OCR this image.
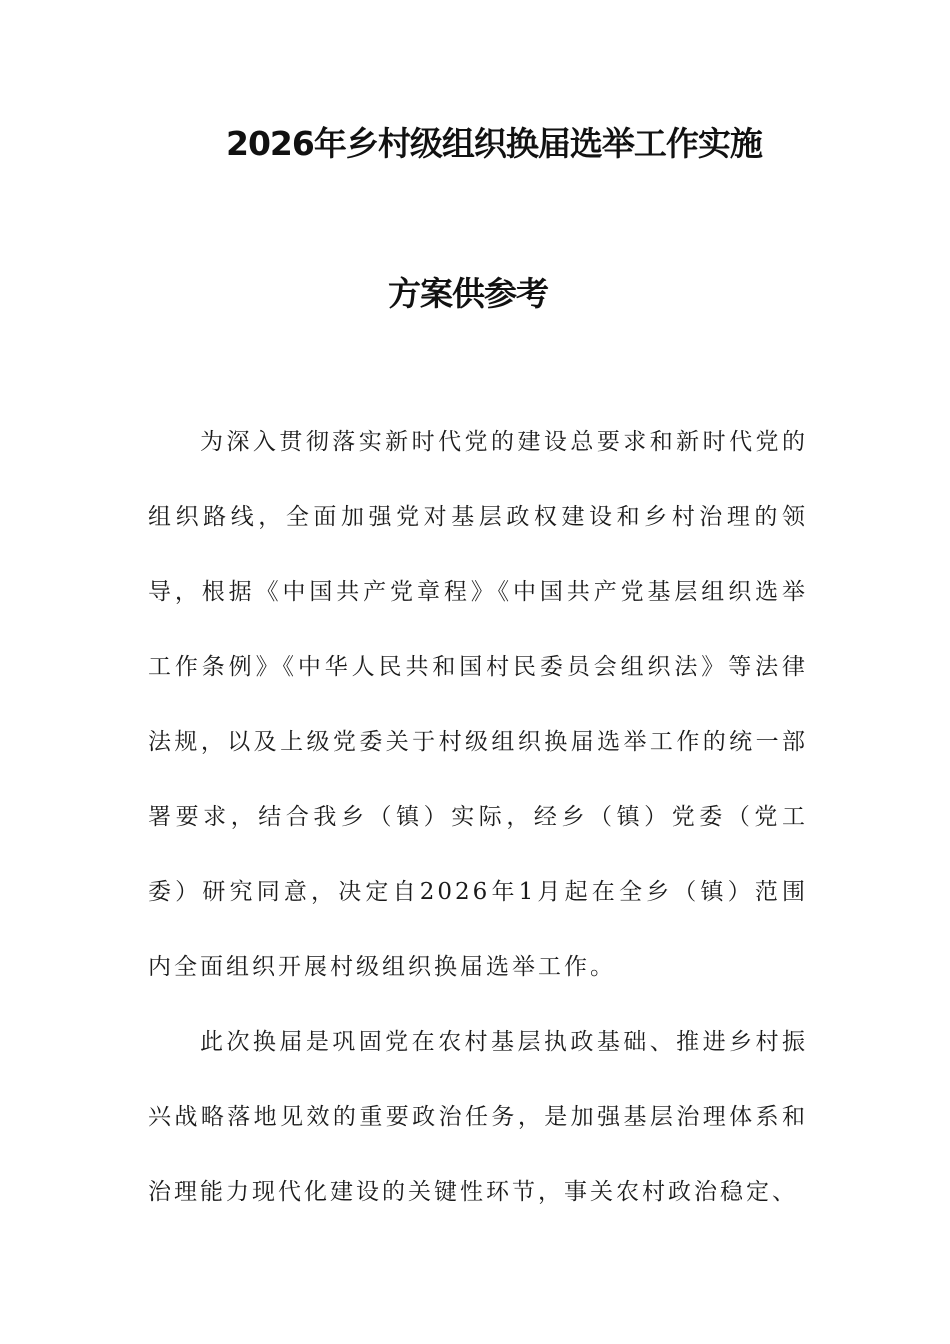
2026年乡村级组织换届选举工作实施
方案供参考

为深入贯彻落实新时代党的建设总要求和新时代党的组织路线，全面加强党对基层政权建设和乡村治理的领导，根据《中国共产党章程》《中国共产党基层组织选举工作条例》《中华人民共和国村民委员会组织法》等法律法规，以及上级党委关于村级组织换届选举工作的统一部署要求，结合我乡（镇）实际，经乡（镇）党委（党工委）研究同意，决定自2026年1月起在全乡（镇）范围内全面组织开展村级组织换届选举工作。

此次换届是巩固党在农村基层执政基础、推进乡村振兴战略落地见效的重要政治任务，是加强基层治理体系和治理能力现代化建设的关键性环节，事关农村政治稳定、
